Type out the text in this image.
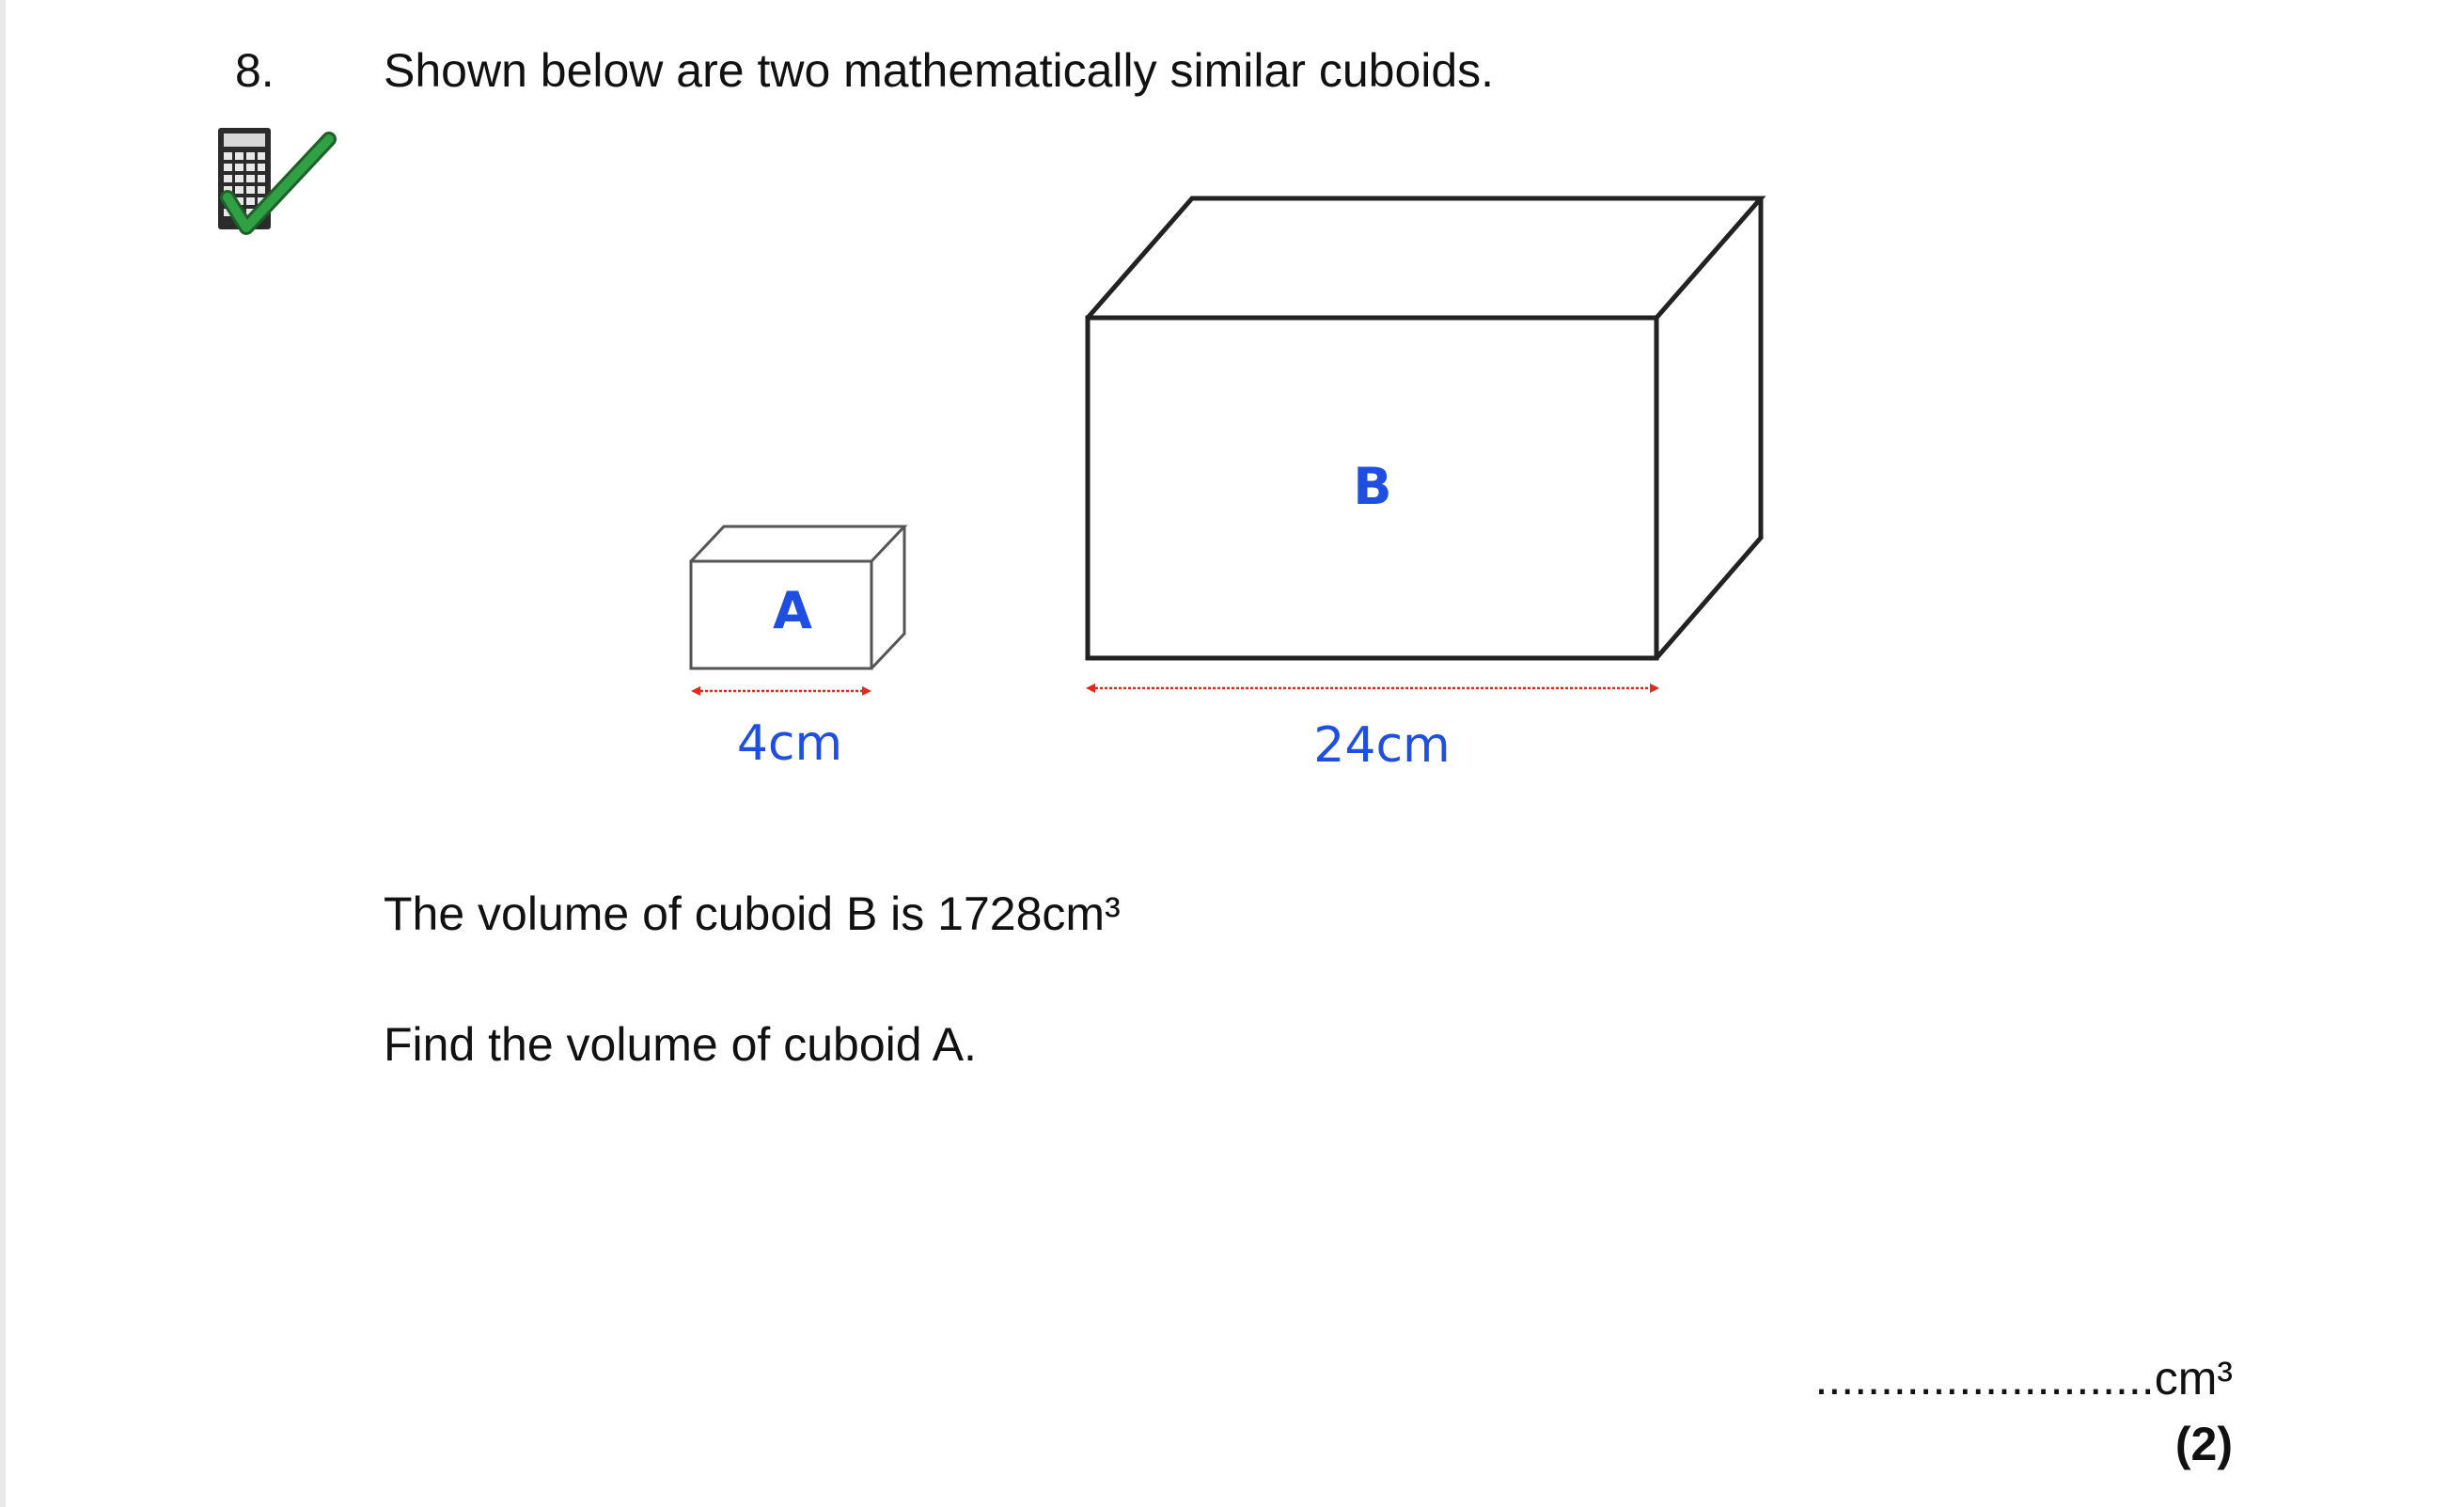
8. Shown below are two mathematically similar cuboids.
A
B
4cm	24cm
The volume of cuboid B is 1728cm³
Find the volume of cuboid A.
..........................cm³
(2)
